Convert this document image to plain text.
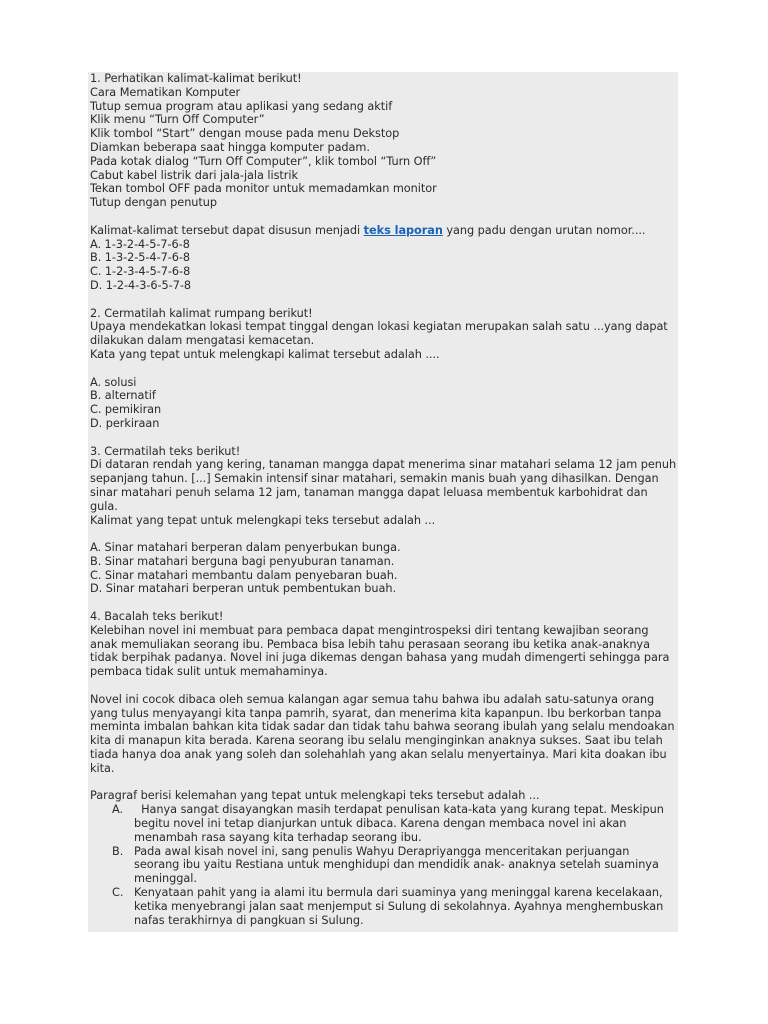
1. Perhatikan kalimat-kalimat berikut!
Cara Mematikan Komputer
Tutup semua program atau aplikasi yang sedang aktif
Klik menu “Turn Off Computer”
Klik tombol “Start” dengan mouse pada menu Dekstop
Diamkan beberapa saat hingga komputer padam.
Pada kotak dialog “Turn Off Computer”, klik tombol “Turn Off”
Cabut kabel listrik dari jala-jala listrik
Tekan tombol OFF pada monitor untuk memadamkan monitor
Tutup dengan penutup
Kalimat-kalimat tersebut dapat disusun menjadi teks laporan yang padu dengan urutan nomor....
A. 1-3-2-4-5-7-6-8
B. 1-3-2-5-4-7-6-8
C. 1-2-3-4-5-7-6-8
D. 1-2-4-3-6-5-7-8
2. Cermatilah kalimat rumpang berikut!
Upaya mendekatkan lokasi tempat tinggal dengan lokasi kegiatan merupakan salah satu ...yang dapat dilakukan dalam mengatasi kemacetan.
Kata yang tepat untuk melengkapi kalimat tersebut adalah ....
A. solusi
B. alternatif
C. pemikiran
D. perkiraan
3. Cermatilah teks berikut!
Di dataran rendah yang kering, tanaman mangga dapat menerima sinar matahari selama 12 jam penuh sepanjang tahun. [...] Semakin intensif sinar matahari, semakin manis buah yang dihasilkan. Dengan sinar matahari penuh selama 12 jam, tanaman mangga dapat leluasa membentuk karbohidrat dan gula.
Kalimat yang tepat untuk melengkapi teks tersebut adalah ...
A. Sinar matahari berperan dalam penyerbukan bunga.
B. Sinar matahari berguna bagi penyuburan tanaman.
C. Sinar matahari membantu dalam penyebaran buah.
D. Sinar matahari berperan untuk pembentukan buah.
4. Bacalah teks berikut!
Kelebihan novel ini membuat para pembaca dapat mengintrospeksi diri tentang kewajiban seorang anak memuliakan seorang ibu. Pembaca bisa lebih tahu perasaan seorang ibu ketika anak-anaknya tidak berpihak padanya. Novel ini juga dikemas dengan bahasa yang mudah dimengerti sehingga para pembaca tidak sulit untuk memahaminya.
Novel ini cocok dibaca oleh semua kalangan agar semua tahu bahwa ibu adalah satu-satunya orang yang tulus menyayangi kita tanpa pamrih, syarat, dan menerima kita kapanpun. Ibu berkorban tanpa meminta imbalan bahkan kita tidak sadar dan tidak tahu bahwa seorang ibulah yang selalu mendoakan kita di manapun kita berada. Karena seorang ibu selalu menginginkan anaknya sukses. Saat ibu telah tiada hanya doa anak yang soleh dan solehahlah yang akan selalu menyertainya. Mari kita doakan ibu kita.
Paragraf berisi kelemahan yang tepat untuk melengkapi teks tersebut adalah ...
A. Hanya sangat disayangkan masih terdapat penulisan kata-kata yang kurang tepat. Meskipun begitu novel ini tetap dianjurkan untuk dibaca. Karena dengan membaca novel ini akan menambah rasa sayang kita terhadap seorang ibu.
B. Pada awal kisah novel ini, sang penulis Wahyu Derapriyangga menceritakan perjuangan seorang ibu yaitu Restiana untuk menghidupi dan mendidik anak- anaknya setelah suaminya meninggal.
C. Kenyataan pahit yang ia alami itu bermula dari suaminya yang meninggal karena kecelakaan, ketika menyebrangi jalan saat menjemput si Sulung di sekolahnya. Ayahnya menghembuskan nafas terakhirnya di pangkuan si Sulung.
